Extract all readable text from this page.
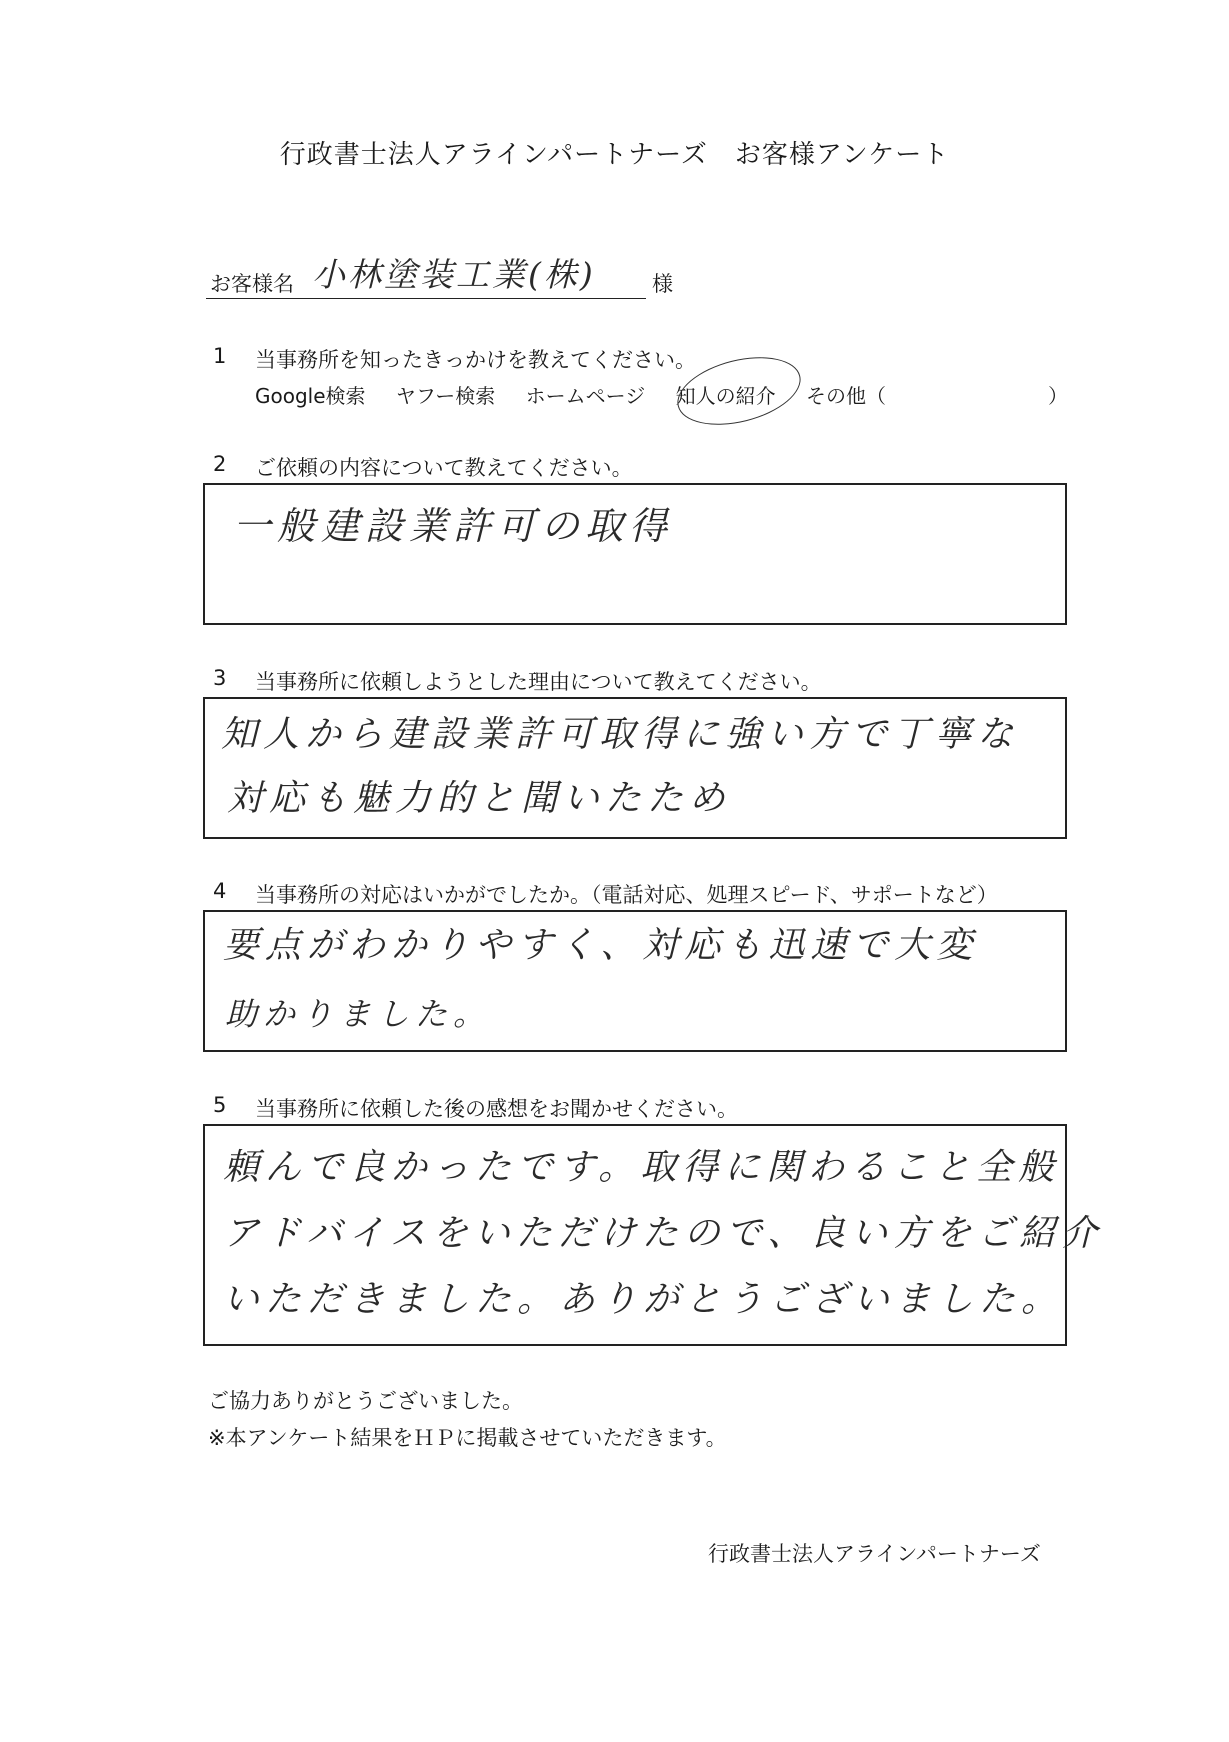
行政書士法人アラインパートナーズ　お客様アンケート
お客様名 小林塗装工業(株)	様
1 当事務所を知ったきっかけを教えてください。
Google検索 ヤフー検索 ホームページ 知人の紹介 その他（	）
2 ご依頼の内容について教えてください。
一般建設業許可の取得
3 当事務所に依頼しようとした理由について教えてください。
知人から建設業許可取得に強い方で丁寧な
対応も魅力的と聞いたため
4 当事務所の対応はいかがでしたか。（電話対応、処理スピード、サポートなど）
要点がわかりやすく、対応も迅速で大変
助かりました。
5 当事務所に依頼した後の感想をお聞かせください。
頼んで良かったです。取得に関わること全般
アドバイスをいただけたので、良い方をご紹介
いただきました。ありがとうございました。
ご協力ありがとうございました。
※本アンケート結果をＨＰに掲載させていただきます。
行政書士法人アラインパートナーズ
